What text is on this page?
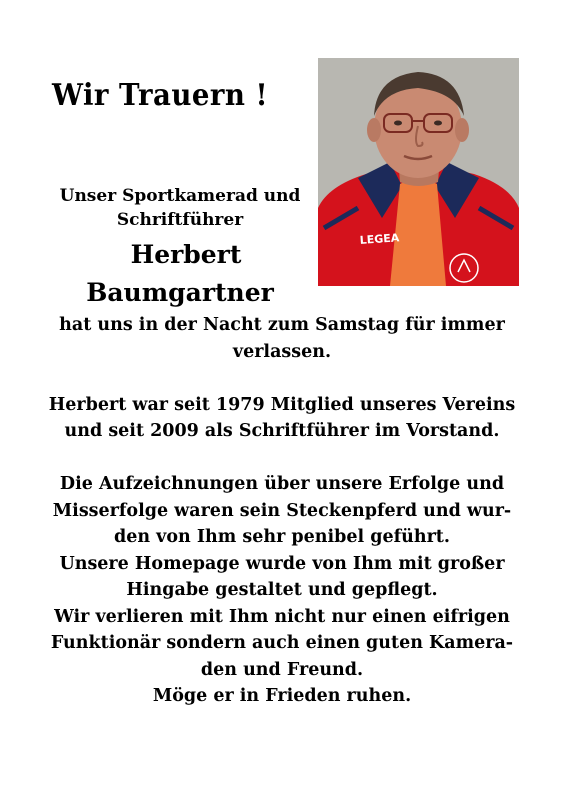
Wir Trauern !
LEGEA
Unser Sportkamerad und
Schriftführer
Herbert
Baumgartner
hat uns in der Nacht zum Samstag für immer
verlassen.
Herbert war seit 1979 Mitglied unseres Vereins
und seit 2009 als Schriftführer im Vorstand.
Die Aufzeichnungen über unsere Erfolge und
Misserfolge waren sein Steckenpferd und wur-
den von Ihm sehr penibel geführt.
Unsere Homepage wurde von Ihm mit großer
Hingabe gestaltet und gepflegt.
Wir verlieren mit Ihm nicht nur einen eifrigen
Funktionär sondern auch einen guten Kamera-
den und Freund.
Möge er in Frieden ruhen.
